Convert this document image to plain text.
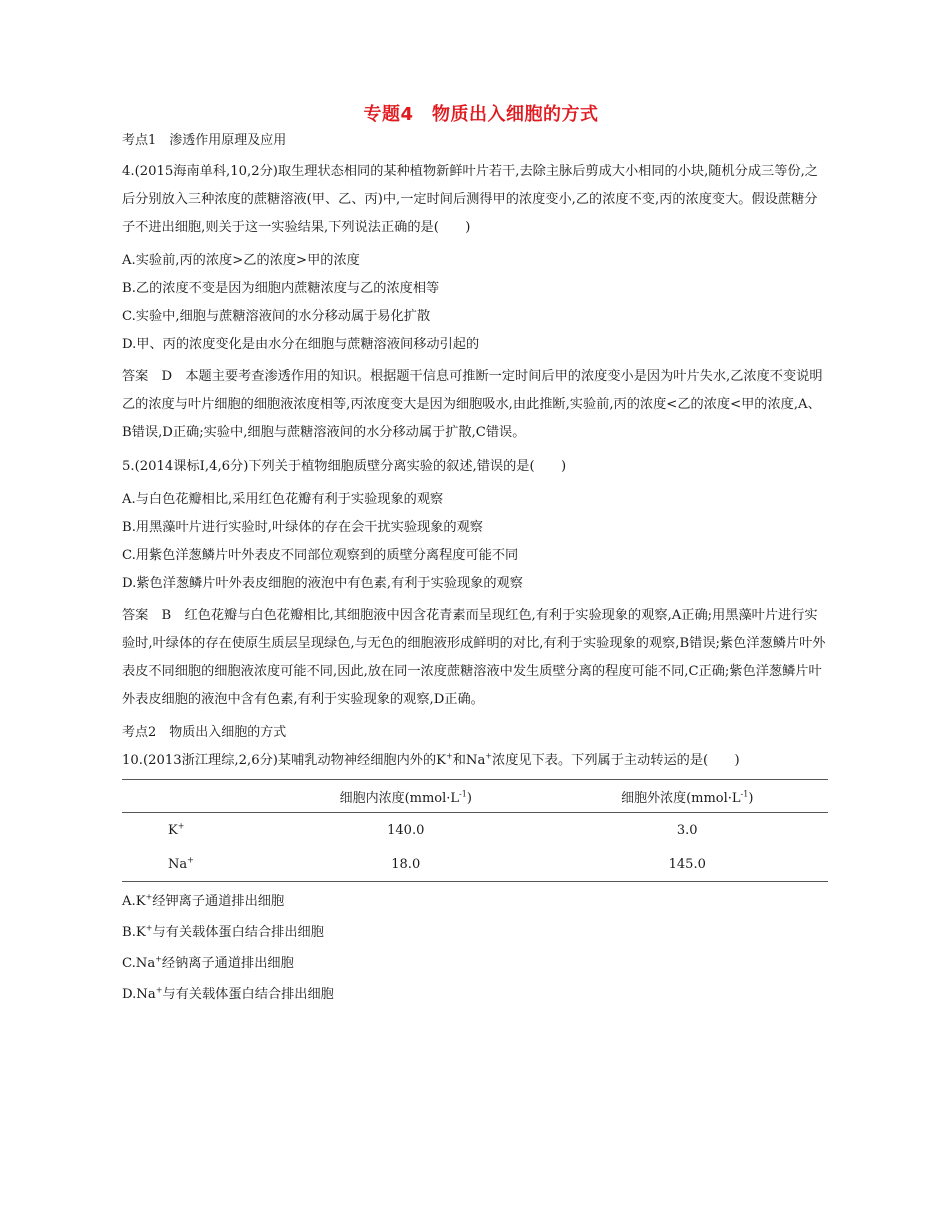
专题4　物质出入细胞的方式
考点1　渗透作用原理及应用
4.(2015海南单科,10,2分)取生理状态相同的某种植物新鲜叶片若干,去除主脉后剪成大小相同的小块,随机分成三等份,之后分别放入三种浓度的蔗糖溶液(甲、乙、丙)中,一定时间后测得甲的浓度变小,乙的浓度不变,丙的浓度变大。假设蔗糖分子不进出细胞,则关于这一实验结果,下列说法正确的是(　　)
A.实验前,丙的浓度>乙的浓度>甲的浓度
B.乙的浓度不变是因为细胞内蔗糖浓度与乙的浓度相等
C.实验中,细胞与蔗糖溶液间的水分移动属于易化扩散
D.甲、丙的浓度变化是由水分在细胞与蔗糖溶液间移动引起的
答案　D　本题主要考查渗透作用的知识。根据题干信息可推断一定时间后甲的浓度变小是因为叶片失水,乙浓度不变说明乙的浓度与叶片细胞的细胞液浓度相等,丙浓度变大是因为细胞吸水,由此推断,实验前,丙的浓度<乙的浓度<甲的浓度,A、B错误,D正确;实验中,细胞与蔗糖溶液间的水分移动属于扩散,C错误。
5.(2014课标Ⅰ,4,6分)下列关于植物细胞质壁分离实验的叙述,错误的是(　　)
A.与白色花瓣相比,采用红色花瓣有利于实验现象的观察
B.用黑藻叶片进行实验时,叶绿体的存在会干扰实验现象的观察
C.用紫色洋葱鳞片叶外表皮不同部位观察到的质壁分离程度可能不同
D.紫色洋葱鳞片叶外表皮细胞的液泡中有色素,有利于实验现象的观察
答案　B　红色花瓣与白色花瓣相比,其细胞液中因含花青素而呈现红色,有利于实验现象的观察,A正确;用黑藻叶片进行实验时,叶绿体的存在使原生质层呈现绿色,与无色的细胞液形成鲜明的对比,有利于实验现象的观察,B错误;紫色洋葱鳞片叶外表皮不同细胞的细胞液浓度可能不同,因此,放在同一浓度蔗糖溶液中发生质壁分离的程度可能不同,C正确;紫色洋葱鳞片叶外表皮细胞的液泡中含有色素,有利于实验现象的观察,D正确。
考点2　物质出入细胞的方式
10.(2013浙江理综,2,6分)某哺乳动物神经细胞内外的K+和Na+浓度见下表。下列属于主动转运的是(　　)
	细胞内浓度$(mmol\cdot L^{-1})$	细胞外浓度$(mmol\cdot L^{-1})$
K+	140.0	3.0
Na+	18.0	145.0
A.K+经钾离子通道排出细胞
B.K+与有关载体蛋白结合排出细胞
C.Na+经钠离子通道排出细胞
D.Na+与有关载体蛋白结合排出细胞
